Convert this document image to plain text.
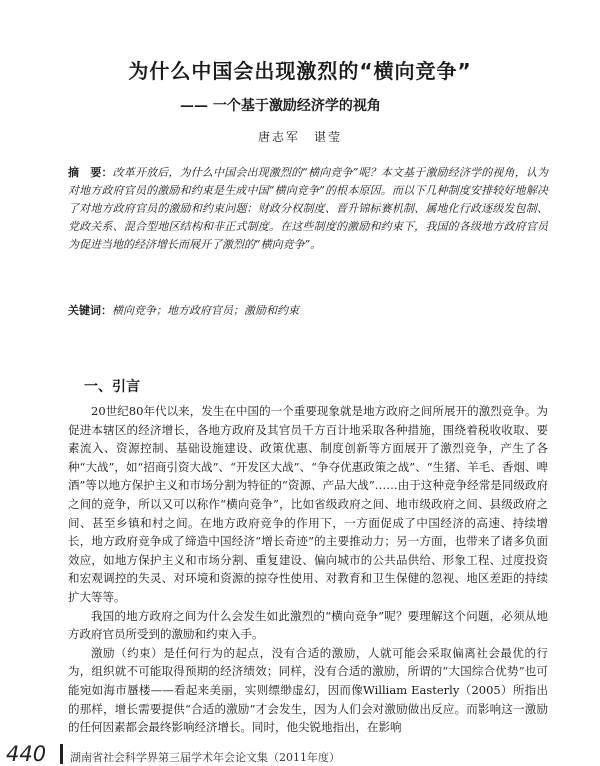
为什么中国会出现激烈的“横向竞争”
—— 一个基于激励经济学的视角
唐志军　谌莹
摘　要：改革开放后，为什么中国会出现激烈的“横向竞争”呢？本文基于激励经济学的视角，认为对地方政府官员的激励和约束是生成中国“横向竞争”的根本原因。而以下几种制度安排较好地解决了对地方政府官员的激励和约束问题：财政分权制度、晋升锦标赛机制、属地化行政逐级发包制、党政关系、混合型地区结构和非正式制度。在这些制度的激励和约束下，我国的各级地方政府官员为促进当地的经济增长而展开了激烈的“横向竞争”。
关键词：横向竞争；地方政府官员；激励和约束
一、引言

20世纪80年代以来，发生在中国的一个重要现象就是地方政府之间所展开的激烈竞争。为促进本辖区的经济增长，各地方政府及其官员千方百计地采取各种措施，围绕着税收收取、要素流入、资源控制、基础设施建设、政策优惠、制度创新等方面展开了激烈竞争，产生了各种“大战”，如“招商引资大战”、“开发区大战”、“争夺优惠政策之战”、“生猪、羊毛、香烟、啤酒”等以地方保护主义和市场分割为特征的“资源、产品大战”……由于这种竞争经常是同级政府之间的竞争，所以又可以称作“横向竞争”，比如省级政府之间、地市级政府之间、县级政府之间、甚至乡镇和村之间。在地方政府竞争的作用下，一方面促成了中国经济的高速、持续增长，地方政府竞争成了缔造中国经济“增长奇迹”的主要推动力；另一方面，也带来了诸多负面效应，如地方保护主义和市场分割、重复建设、偏向城市的公共品供给、形象工程、过度投资和宏观调控的失灵、对环境和资源的掠夺性使用、对教育和卫生保健的忽视、地区差距的持续扩大等等。

我国的地方政府之间为什么会发生如此激烈的“横向竞争”呢？要理解这个问题，必须从地方政府官员所受到的激励和约束入手。

激励（约束）是任何行为的起点，没有合适的激励，人就可能会采取偏离社会最优的行为，组织就不可能取得预期的经济绩效；同样，没有合适的激励，所谓的“大国综合优势”也可能宛如海市蜃楼——看起来美丽，实则缥缈虚幻，因而像William Easterly（2005）所指出的那样，增长需要提供“合适的激励”才会发生，因为人们会对激励做出反应。而影响这一激励的任何因素都会最终影响经济增长。同时，他尖锐地指出，在影响

440 湖南省社会科学界第三届学术年会论文集（2011年度）
